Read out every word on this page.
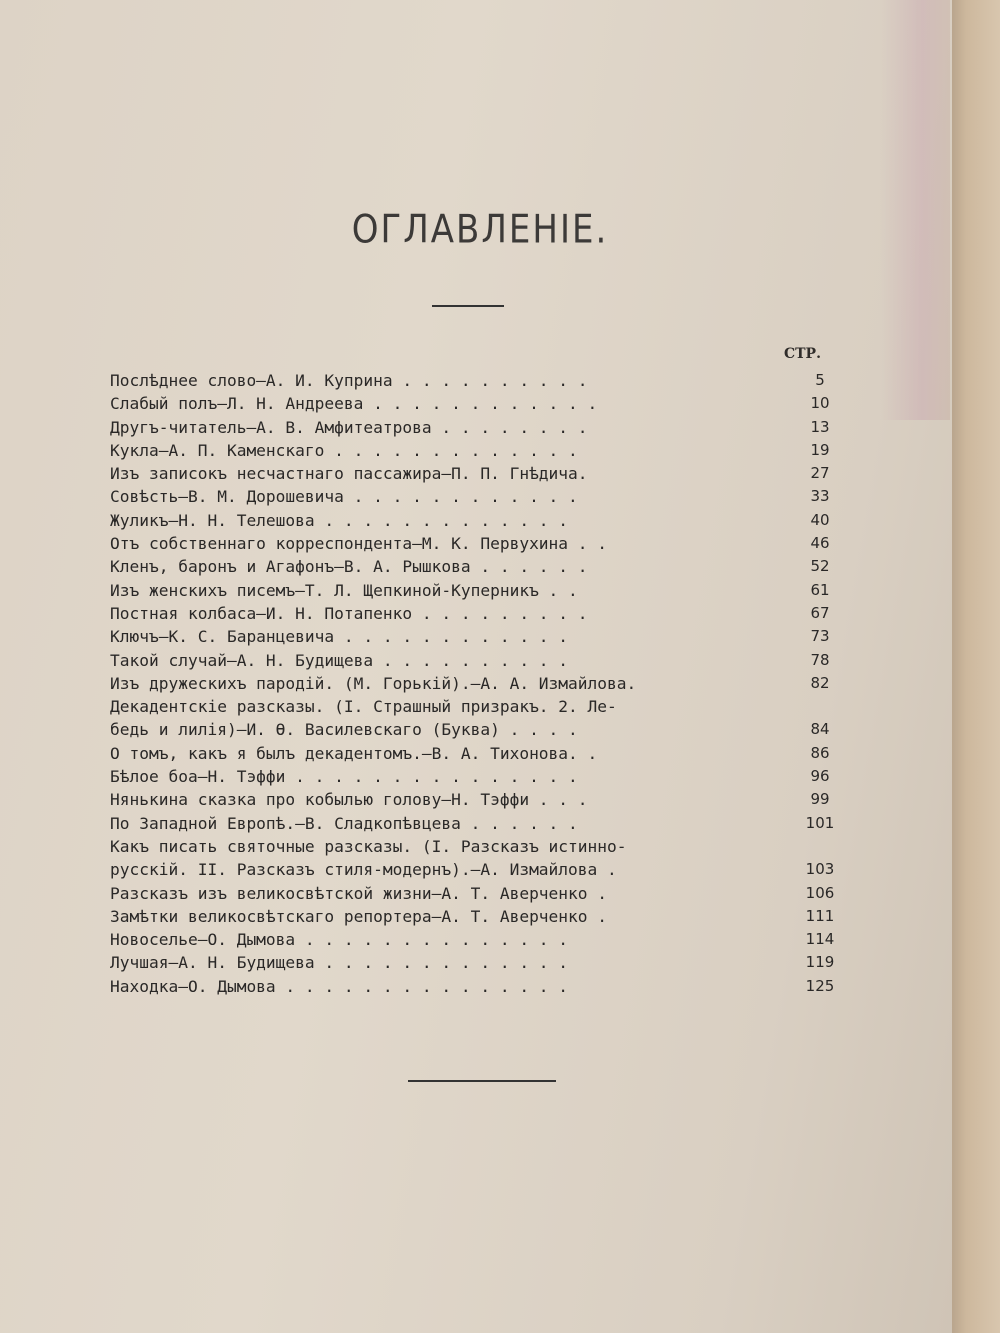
ОГЛАВЛЕНІЕ.
СТР.
Послѣднее слово—А. И. Куприна . . . . . . . . . .	5
Слабый полъ—Л. Н. Андреева . . . . . . . . . . . .	10
Другъ-читатель—А. В. Амфитеатрова . . . . . . . .	13
Кукла—А. П. Каменскаго . . . . . . . . . . . . .	19
Изъ записокъ несчастнаго пассажира—П. П. Гнѣдича.	27
Совѣсть—В. М. Дорошевича . . . . . . . . . . . .	33
Жуликъ—Н. Н. Телешова . . . . . . . . . . . . .	40
Отъ собственнаго корреспондента—М. К. Первухина . .	46
Кленъ, баронъ и Агафонъ—В. А. Рышкова . . . . . .	52
Изъ женскихъ писемъ—Т. Л. Щепкиной-Куперникъ . .	61
Постная колбаса—И. Н. Потапенко . . . . . . . . .	67
Ключъ—К. С. Баранцевича . . . . . . . . . . . .	73
Такой случай—А. Н. Будищева . . . . . . . . . .	78
Изъ дружескихъ пародій. (М. Горькій).—А. А. Измайлова.	82
Декадентскіе разсказы. (I. Страшный призракъ. 2. Ле-
бедь и лилія)—И. Ѳ. Василевскаго (Буква) . . . .	84
О томъ, какъ я былъ декадентомъ.—В. А. Тихонова. .	86
Бѣлое боа—Н. Тэффи . . . . . . . . . . . . . . .	96
Нянькина сказка про кобылью голову—Н. Тэффи . . .	99
По Западной Европѣ.—В. Сладкопѣвцева . . . . . .	101
Какъ писать святочные разсказы. (I. Разсказъ истинно-
русскій. II. Разсказъ стиля-модернъ).—А. Измайлова .	103
Разсказъ изъ великосвѣтской жизни—А. Т. Аверченко .	106
Замѣтки великосвѣтскаго репортера—А. Т. Аверченко .	111
Новоселье—О. Дымова . . . . . . . . . . . . . .	114
Лучшая—А. Н. Будищева . . . . . . . . . . . . .	119
Находка—О. Дымова . . . . . . . . . . . . . . .	125
